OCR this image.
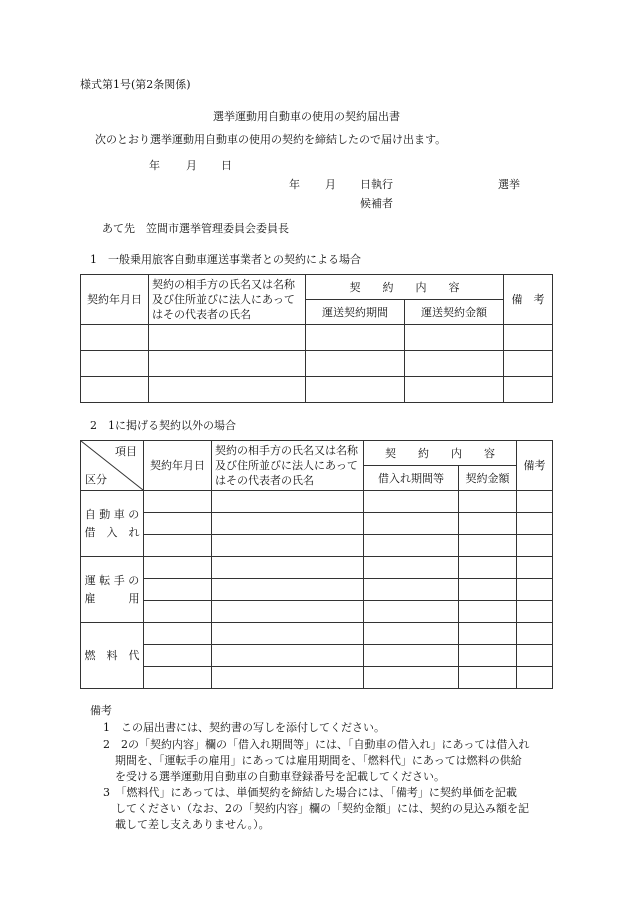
様式第1号(第2条関係)
選挙運動用自動車の使用の契約届出書
次のとおり選挙運動用自動車の使用の契約を締結したので届け出ます。
年 月 日
年 月 日執行	選挙
候補者
あて先　笠間市選挙管理委員会委員長
1　一般乗用旅客自動車運送事業者との契約による場合
契約年月日	契約の相手方の氏名又は名称及び住所並びに法人にあってはその代表者の氏名	契　　約　　内　　容		備　考
		運送契約期間	運送契約金額	

2　1に掲げる契約以外の場合
項目
区分	契約年月日	契約の相手方の氏名又は名称及び住所並びに法人にあってはその代表者の氏名	契　　約　　内　　容		備考
			借入れ期間等	契約金額	

自 動 車 の
借　入　れ					

運 転 手 の
雇　　　用					

燃　料　代					

備考
1　この届出書には、契約書の写しを添付してください。
2　2の「契約内容」欄の「借入れ期間等」には、「自動車の借入れ」にあっては借入れ
期間を、「運転手の雇用」にあっては雇用期間を、「燃料代」にあっては燃料の供給
を受ける選挙運動用自動車の自動車登録番号を記載してください。
3　「燃料代」にあっては、単価契約を締結した場合には、「備考」に契約単価を記載
してください（なお、2の「契約内容」欄の「契約金額」には、契約の見込み額を記
載して差し支えありません。）。
